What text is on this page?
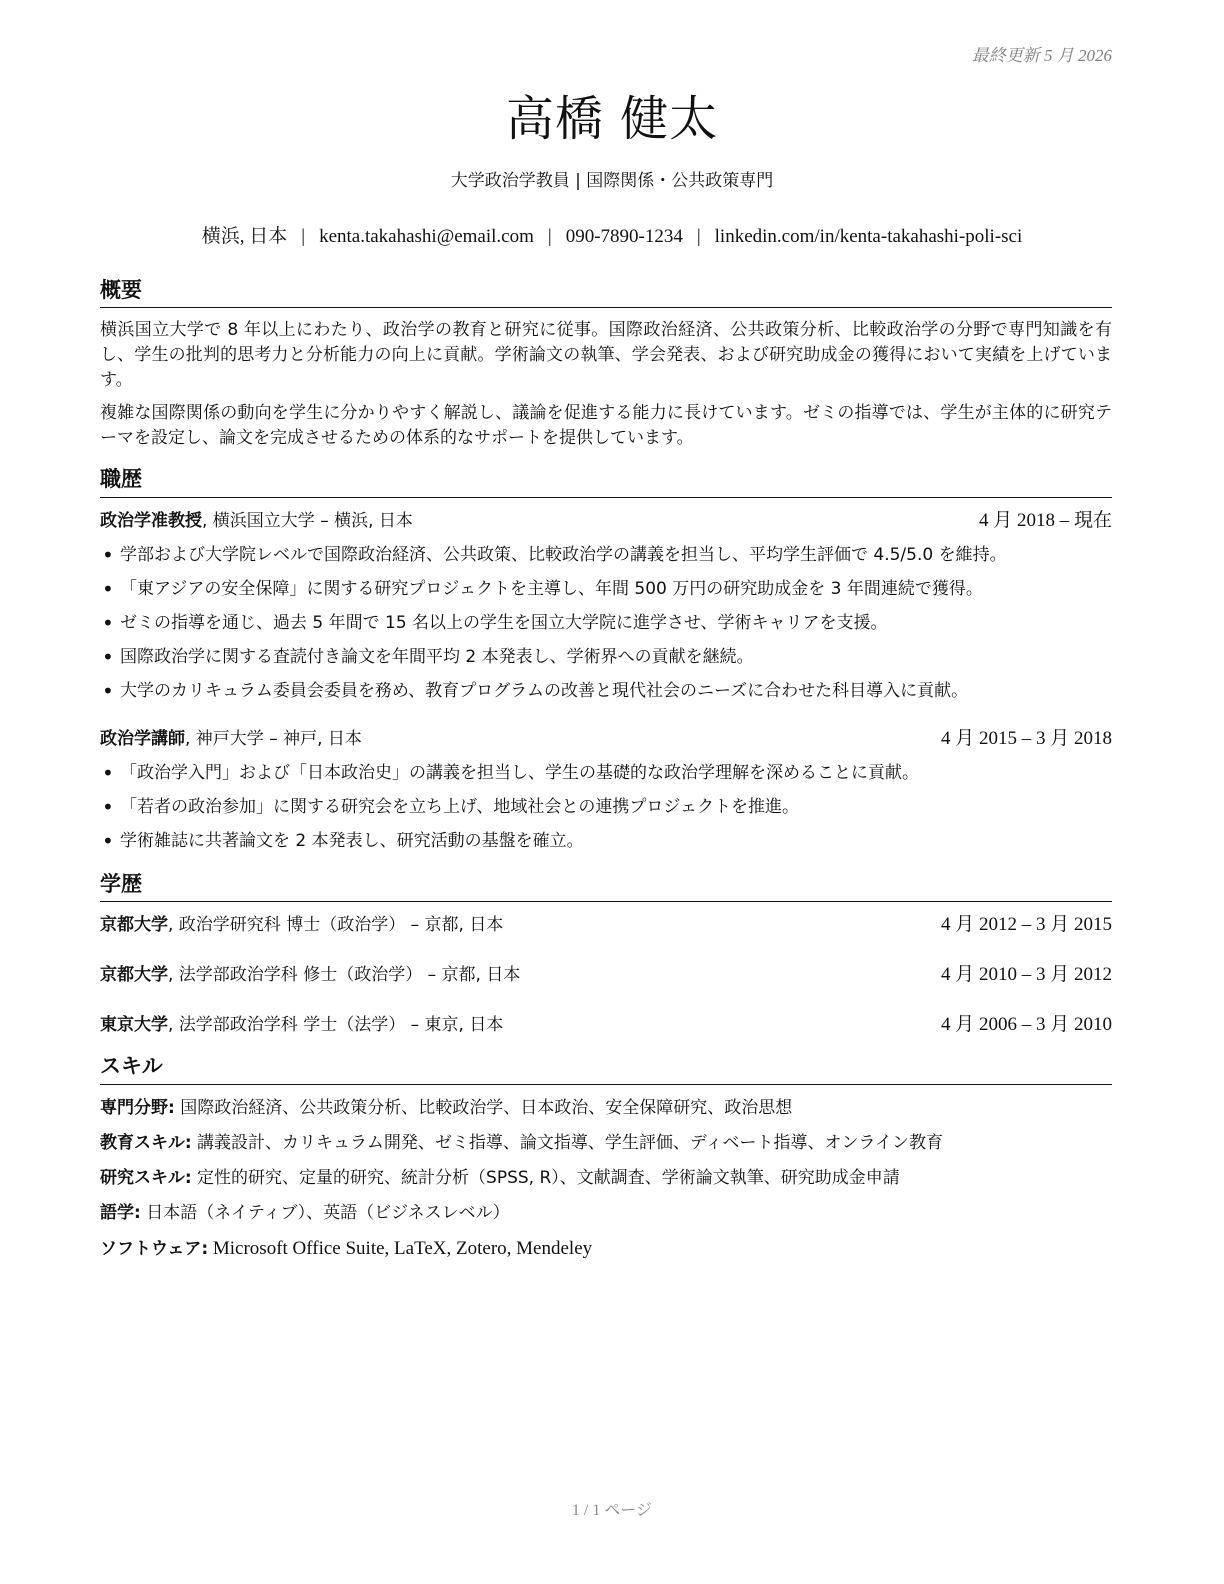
最終更新 5 月 2026
高橋 健太
大学政治学教員 | 国際関係・公共政策専門
横浜, 日本 | kenta.takahashi@email.com | 090-7890-1234 | linkedin.com/in/kenta-takahashi-poli-sci
概要

横浜国立大学で 8 年以上にわたり、政治学の教育と研究に従事。国際政治経済、公共政策分析、比較政治学の分野で専門知識を有し、学生の批判的思考力と分析能力の向上に貢献。学術論文の執筆、学会発表、および研究助成金の獲得において実績を上げています。

複雑な国際関係の動向を学生に分かりやすく解説し、議論を促進する能力に長けています。ゼミの指導では、学生が主体的に研究テーマを設定し、論文を完成させるための体系的なサポートを提供しています。

職歴
政治学准教授, 横浜国立大学 – 横浜, 日本	4 月 2018 – 現在
• 学部および大学院レベルで国際政治経済、公共政策、比較政治学の講義を担当し、平均学生評価で 4.5/5.0 を維持。
• 「東アジアの安全保障」に関する研究プロジェクトを主導し、年間 500 万円の研究助成金を 3 年間連続で獲得。
• ゼミの指導を通じ、過去 5 年間で 15 名以上の学生を国立大学院に進学させ、学術キャリアを支援。
• 国際政治学に関する査読付き論文を年間平均 2 本発表し、学術界への貢献を継続。
• 大学のカリキュラム委員会委員を務め、教育プログラムの改善と現代社会のニーズに合わせた科目導入に貢献。
政治学講師, 神戸大学 – 神戸, 日本	4 月 2015 – 3 月 2018
• 「政治学入門」および「日本政治史」の講義を担当し、学生の基礎的な政治学理解を深めることに貢献。
• 「若者の政治参加」に関する研究会を立ち上げ、地域社会との連携プロジェクトを推進。
• 学術雑誌に共著論文を 2 本発表し、研究活動の基盤を確立。
学歴
京都大学, 政治学研究科 博士（政治学） – 京都, 日本	4 月 2012 – 3 月 2015
京都大学, 法学部政治学科 修士（政治学） – 京都, 日本	4 月 2010 – 3 月 2012
東京大学, 法学部政治学科 学士（法学） – 東京, 日本	4 月 2006 – 3 月 2010
スキル
専門分野: 国際政治経済、公共政策分析、比較政治学、日本政治、安全保障研究、政治思想
教育スキル: 講義設計、カリキュラム開発、ゼミ指導、論文指導、学生評価、ディベート指導、オンライン教育
研究スキル: 定性的研究、定量的研究、統計分析（SPSS, R）、文献調査、学術論文執筆、研究助成金申請
語学: 日本語（ネイティブ）、英語（ビジネスレベル）
ソフトウェア: Microsoft Office Suite, LaTeX, Zotero, Mendeley
1 / 1 ページ
